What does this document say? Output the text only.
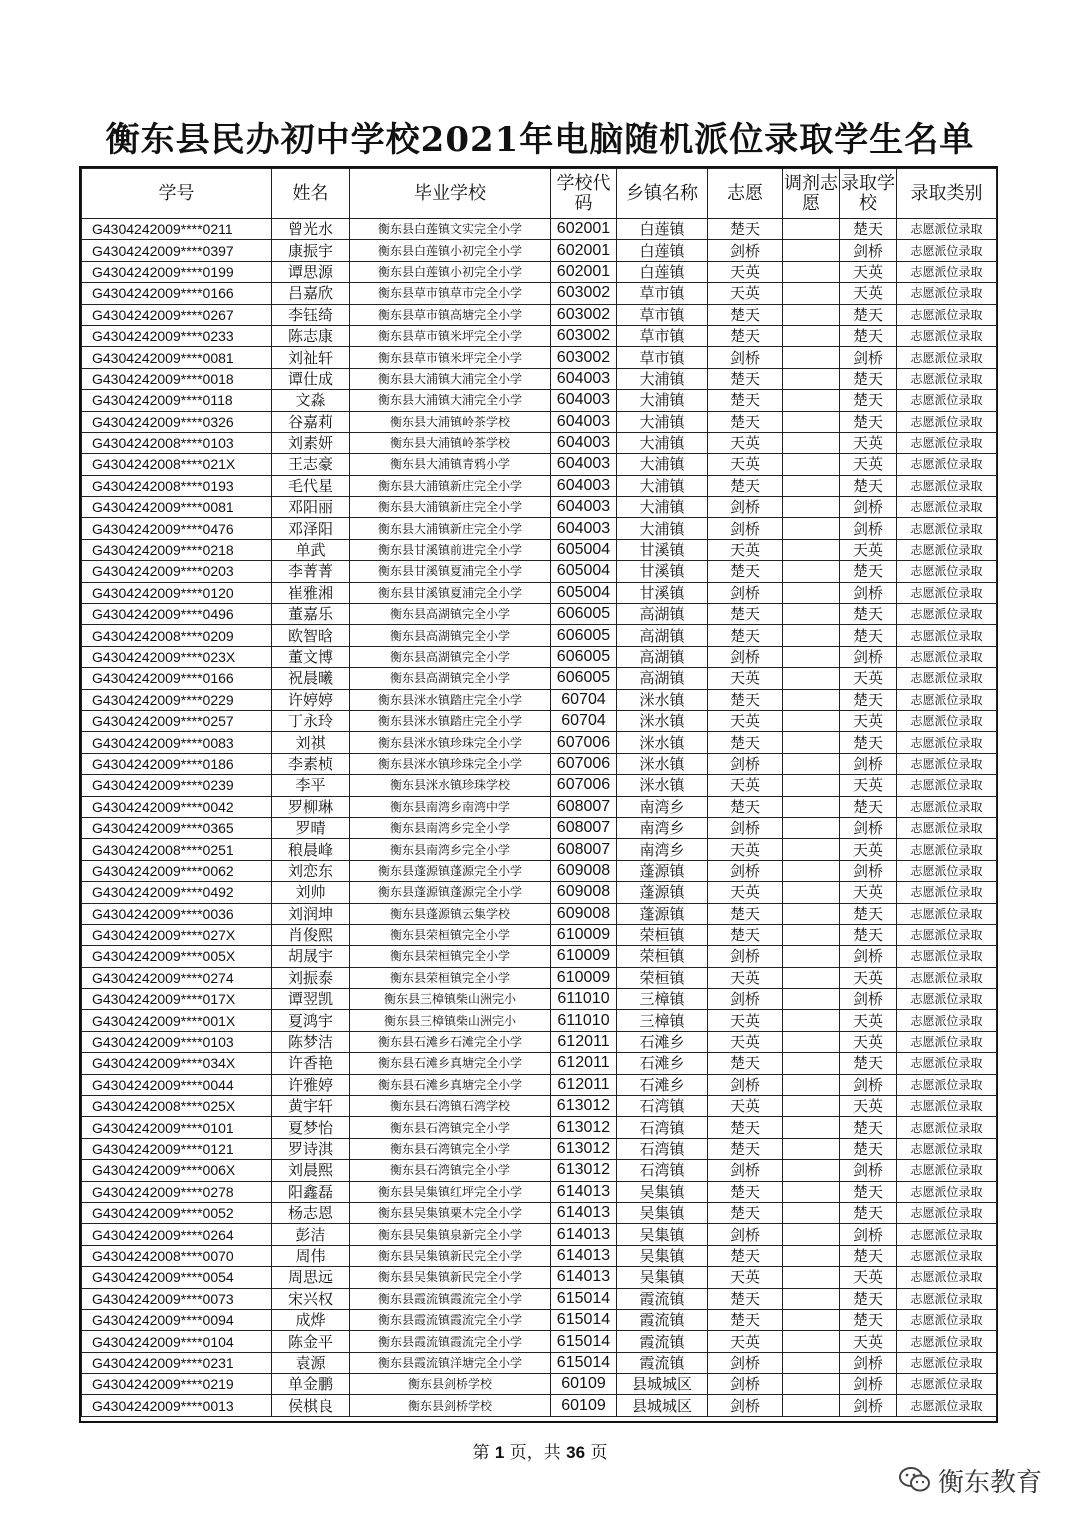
衡东县民办初中学校2021年电脑随机派位录取学生名单
学号	姓名	毕业学校	学校代码	乡镇名称	志愿	调剂志愿	录取学校	录取类别
G4304242009****0211	曾光水	衡东县白莲镇文实完全小学	602001	白莲镇	楚天		楚天	志愿派位录取
G4304242009****0397	康振宇	衡东县白莲镇小初完全小学	602001	白莲镇	剑桥		剑桥	志愿派位录取
G4304242009****0199	谭思源	衡东县白莲镇小初完全小学	602001	白莲镇	天英		天英	志愿派位录取
G4304242009****0166	吕嘉欣	衡东县草市镇草市完全小学	603002	草市镇	天英		天英	志愿派位录取
G4304242009****0267	李钰绮	衡东县草市镇高塘完全小学	603002	草市镇	楚天		楚天	志愿派位录取
G4304242009****0233	陈志康	衡东县草市镇米坪完全小学	603002	草市镇	楚天		楚天	志愿派位录取
G4304242009****0081	刘祉轩	衡东县草市镇米坪完全小学	603002	草市镇	剑桥		剑桥	志愿派位录取
G4304242009****0018	谭仕成	衡东县大浦镇大浦完全小学	604003	大浦镇	楚天		楚天	志愿派位录取
G4304242009****0118	文淼	衡东县大浦镇大浦完全小学	604003	大浦镇	楚天		楚天	志愿派位录取
G4304242009****0326	谷嘉莉	衡东县大浦镇岭茶学校	604003	大浦镇	楚天		楚天	志愿派位录取
G4304242008****0103	刘素妍	衡东县大浦镇岭茶学校	604003	大浦镇	天英		天英	志愿派位录取
G4304242008****021X	王志豪	衡东县大浦镇青鸦小学	604003	大浦镇	天英		天英	志愿派位录取
G4304242008****0193	毛代星	衡东县大浦镇新庄完全小学	604003	大浦镇	楚天		楚天	志愿派位录取
G4304242009****0081	邓阳丽	衡东县大浦镇新庄完全小学	604003	大浦镇	剑桥		剑桥	志愿派位录取
G4304242009****0476	邓泽阳	衡东县大浦镇新庄完全小学	604003	大浦镇	剑桥		剑桥	志愿派位录取
G4304242009****0218	单武	衡东县甘溪镇前进完全小学	605004	甘溪镇	天英		天英	志愿派位录取
G4304242009****0203	李菁菁	衡东县甘溪镇夏浦完全小学	605004	甘溪镇	楚天		楚天	志愿派位录取
G4304242009****0120	崔雅湘	衡东县甘溪镇夏浦完全小学	605004	甘溪镇	剑桥		剑桥	志愿派位录取
G4304242009****0496	董嘉乐	衡东县高湖镇完全小学	606005	高湖镇	楚天		楚天	志愿派位录取
G4304242008****0209	欧智晗	衡东县高湖镇完全小学	606005	高湖镇	楚天		楚天	志愿派位录取
G4304242009****023X	董文博	衡东县高湖镇完全小学	606005	高湖镇	剑桥		剑桥	志愿派位录取
G4304242009****0166	祝晨曦	衡东县高湖镇完全小学	606005	高湖镇	天英		天英	志愿派位录取
G4304242009****0229	许婷婷	衡东县洣水镇踏庄完全小学	60704	洣水镇	楚天		楚天	志愿派位录取
G4304242009****0257	丁永玲	衡东县洣水镇踏庄完全小学	60704	洣水镇	天英		天英	志愿派位录取
G4304242009****0083	刘祺	衡东县洣水镇珍珠完全小学	607006	洣水镇	楚天		楚天	志愿派位录取
G4304242009****0186	李素桢	衡东县洣水镇珍珠完全小学	607006	洣水镇	剑桥		剑桥	志愿派位录取
G4304242009****0239	李平	衡东县洣水镇珍珠学校	607006	洣水镇	天英		天英	志愿派位录取
G4304242009****0042	罗柳琳	衡东县南湾乡南湾中学	608007	南湾乡	楚天		楚天	志愿派位录取
G4304242009****0365	罗晴	衡东县南湾乡完全小学	608007	南湾乡	剑桥		剑桥	志愿派位录取
G4304242008****0251	稂晨峰	衡东县南湾乡完全小学	608007	南湾乡	天英		天英	志愿派位录取
G4304242009****0062	刘恋东	衡东县蓬源镇蓬源完全小学	609008	蓬源镇	剑桥		剑桥	志愿派位录取
G4304242009****0492	刘帅	衡东县蓬源镇蓬源完全小学	609008	蓬源镇	天英		天英	志愿派位录取
G4304242009****0036	刘润坤	衡东县蓬源镇云集学校	609008	蓬源镇	楚天		楚天	志愿派位录取
G4304242009****027X	肖俊熙	衡东县荣桓镇完全小学	610009	荣桓镇	楚天		楚天	志愿派位录取
G4304242009****005X	胡晟宇	衡东县荣桓镇完全小学	610009	荣桓镇	剑桥		剑桥	志愿派位录取
G4304242009****0274	刘振泰	衡东县荣桓镇完全小学	610009	荣桓镇	天英		天英	志愿派位录取
G4304242009****017X	谭翌凯	衡东县三樟镇柴山洲完小	611010	三樟镇	剑桥		剑桥	志愿派位录取
G4304242009****001X	夏鸿宇	衡东县三樟镇柴山洲完小	611010	三樟镇	天英		天英	志愿派位录取
G4304242009****0103	陈梦洁	衡东县石滩乡石滩完全小学	612011	石滩乡	天英		天英	志愿派位录取
G4304242009****034X	许香艳	衡东县石滩乡真塘完全小学	612011	石滩乡	楚天		楚天	志愿派位录取
G4304242009****0044	许雅婷	衡东县石滩乡真塘完全小学	612011	石滩乡	剑桥		剑桥	志愿派位录取
G4304242008****025X	黄宇轩	衡东县石湾镇石湾学校	613012	石湾镇	天英		天英	志愿派位录取
G4304242009****0101	夏梦怡	衡东县石湾镇完全小学	613012	石湾镇	楚天		楚天	志愿派位录取
G4304242009****0121	罗诗淇	衡东县石湾镇完全小学	613012	石湾镇	楚天		楚天	志愿派位录取
G4304242009****006X	刘晨熙	衡东县石湾镇完全小学	613012	石湾镇	剑桥		剑桥	志愿派位录取
G4304242009****0278	阳鑫磊	衡东县吴集镇红坪完全小学	614013	吴集镇	楚天		楚天	志愿派位录取
G4304242009****0052	杨志恩	衡东县吴集镇栗木完全小学	614013	吴集镇	楚天		楚天	志愿派位录取
G4304242009****0264	彭洁	衡东县吴集镇泉新完全小学	614013	吴集镇	剑桥		剑桥	志愿派位录取
G4304242008****0070	周伟	衡东县吴集镇新民完全小学	614013	吴集镇	楚天		楚天	志愿派位录取
G4304242009****0054	周思远	衡东县吴集镇新民完全小学	614013	吴集镇	天英		天英	志愿派位录取
G4304242009****0073	宋兴权	衡东县霞流镇霞流完全小学	615014	霞流镇	楚天		楚天	志愿派位录取
G4304242009****0094	成烨	衡东县霞流镇霞流完全小学	615014	霞流镇	楚天		楚天	志愿派位录取
G4304242009****0104	陈金平	衡东县霞流镇霞流完全小学	615014	霞流镇	天英		天英	志愿派位录取
G4304242009****0231	袁源	衡东县霞流镇洋塘完全小学	615014	霞流镇	剑桥		剑桥	志愿派位录取
G4304242009****0219	单金鹏	衡东县剑桥学校	60109	县城城区	剑桥		剑桥	志愿派位录取
G4304242009****0013	侯棋良	衡东县剑桥学校	60109	县城城区	剑桥		剑桥	志愿派位录取
第 1 页，共 36 页
衡东教育
